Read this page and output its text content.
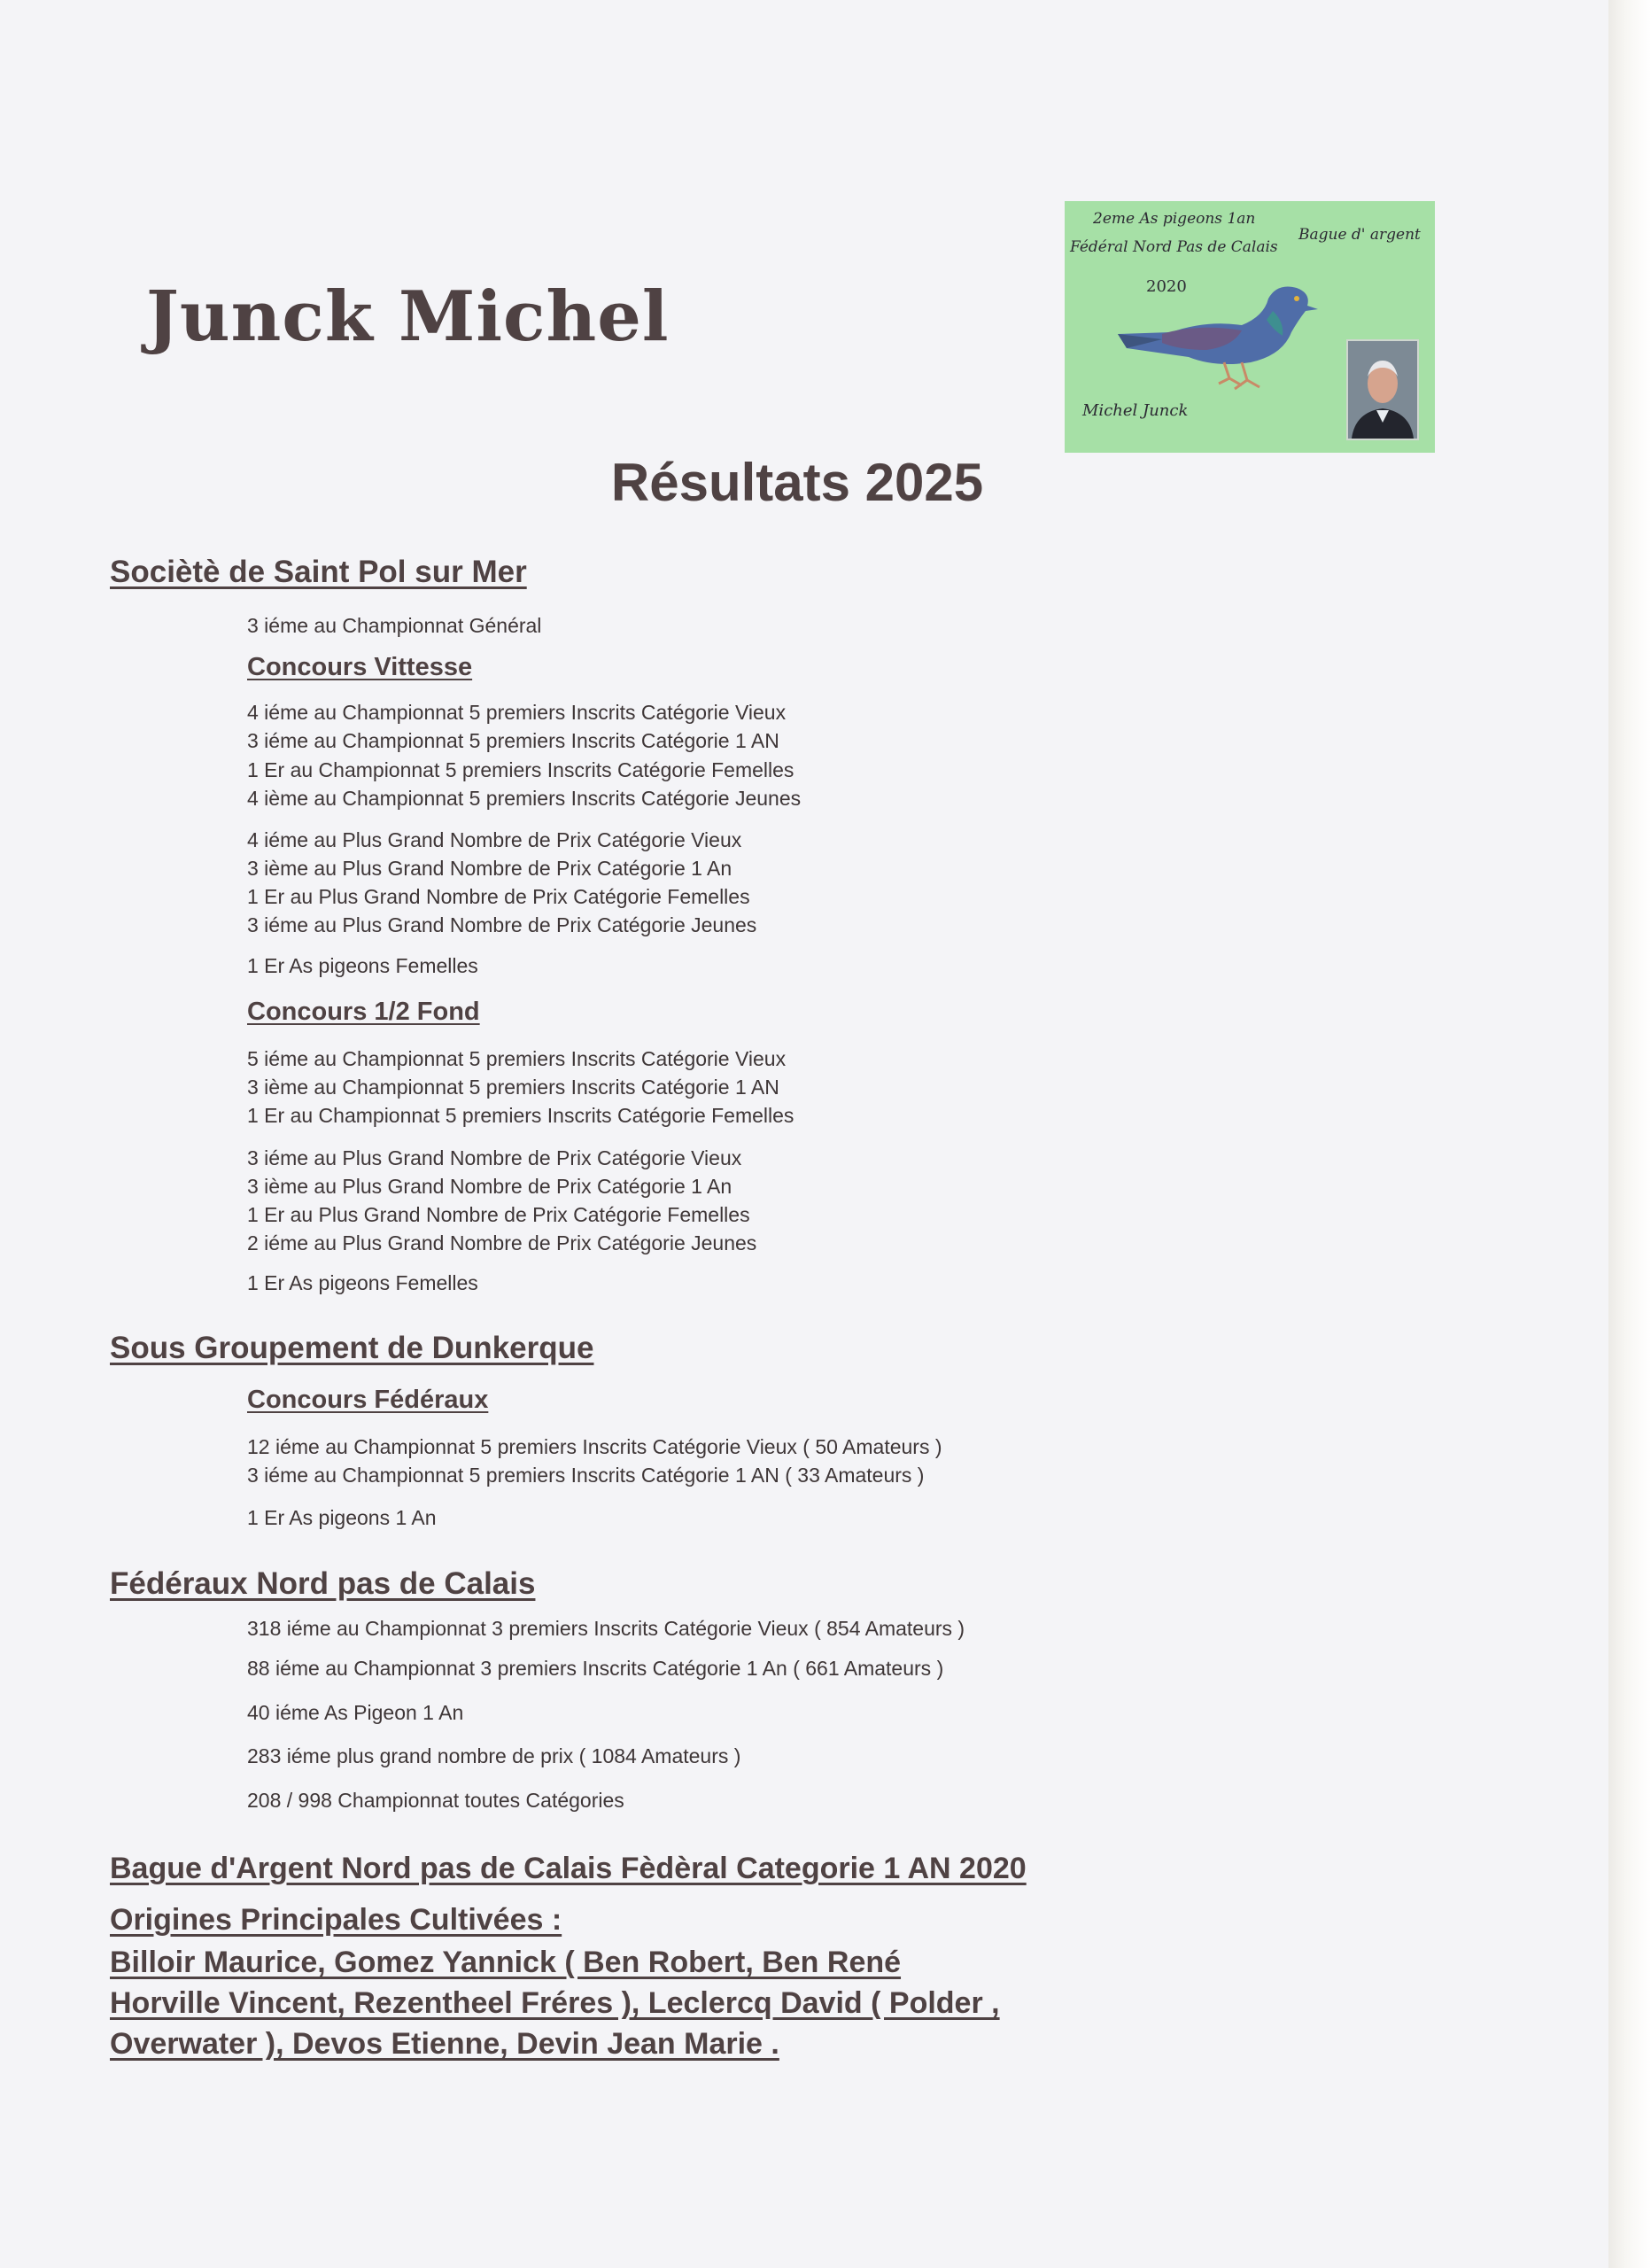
Junck Michel
2eme As pigeons 1an
Fédéral Nord Pas de Calais
2020
Bague d' argent
Michel Junck
Résultats 2025
Sociètè de Saint Pol sur Mer

3 iéme au Championnat Général

Concours Vittesse

4 iéme au Championnat 5 premiers Inscrits Catégorie Vieux

3 iéme au Championnat 5 premiers Inscrits Catégorie 1 AN

1 Er au Championnat 5 premiers Inscrits Catégorie Femelles

4 ième au Championnat 5 premiers Inscrits Catégorie Jeunes

4 iéme au Plus Grand Nombre de Prix Catégorie Vieux

3 ième au Plus Grand Nombre de Prix Catégorie 1 An

1 Er au Plus Grand Nombre de Prix Catégorie Femelles

3 iéme au Plus Grand Nombre de Prix Catégorie Jeunes

1 Er As pigeons Femelles

Concours 1/2 Fond

5 iéme au Championnat 5 premiers Inscrits Catégorie Vieux

3 ième au Championnat 5 premiers Inscrits Catégorie 1 AN

1 Er au Championnat 5 premiers Inscrits Catégorie Femelles

3 iéme au Plus Grand Nombre de Prix Catégorie Vieux

3 ième au Plus Grand Nombre de Prix Catégorie 1 An

1 Er au Plus Grand Nombre de Prix Catégorie Femelles

2 iéme au Plus Grand Nombre de Prix Catégorie Jeunes

1 Er As pigeons Femelles

Sous Groupement de Dunkerque
Concours Fédéraux

12 iéme au Championnat 5 premiers Inscrits Catégorie Vieux ( 50 Amateurs )

3 iéme au Championnat 5 premiers Inscrits Catégorie 1 AN ( 33 Amateurs )

1 Er As pigeons 1 An

Fédéraux Nord pas de Calais

318 iéme au Championnat 3 premiers Inscrits Catégorie Vieux ( 854 Amateurs )

88 iéme au Championnat 3 premiers Inscrits Catégorie 1 An ( 661 Amateurs )

40 iéme As Pigeon 1 An

283 iéme plus grand nombre de prix ( 1084 Amateurs )

208 / 998 Championnat toutes Catégories

Bague d'Argent Nord pas de Calais Fèdèral Categorie 1 AN 2020

Origines Principales Cultivées :

Billoir Maurice, Gomez Yannick ( Ben Robert, Ben René

Horville Vincent, Rezentheel Fréres ), Leclercq David ( Polder ,

Overwater ), Devos Etienne, Devin Jean Marie .
